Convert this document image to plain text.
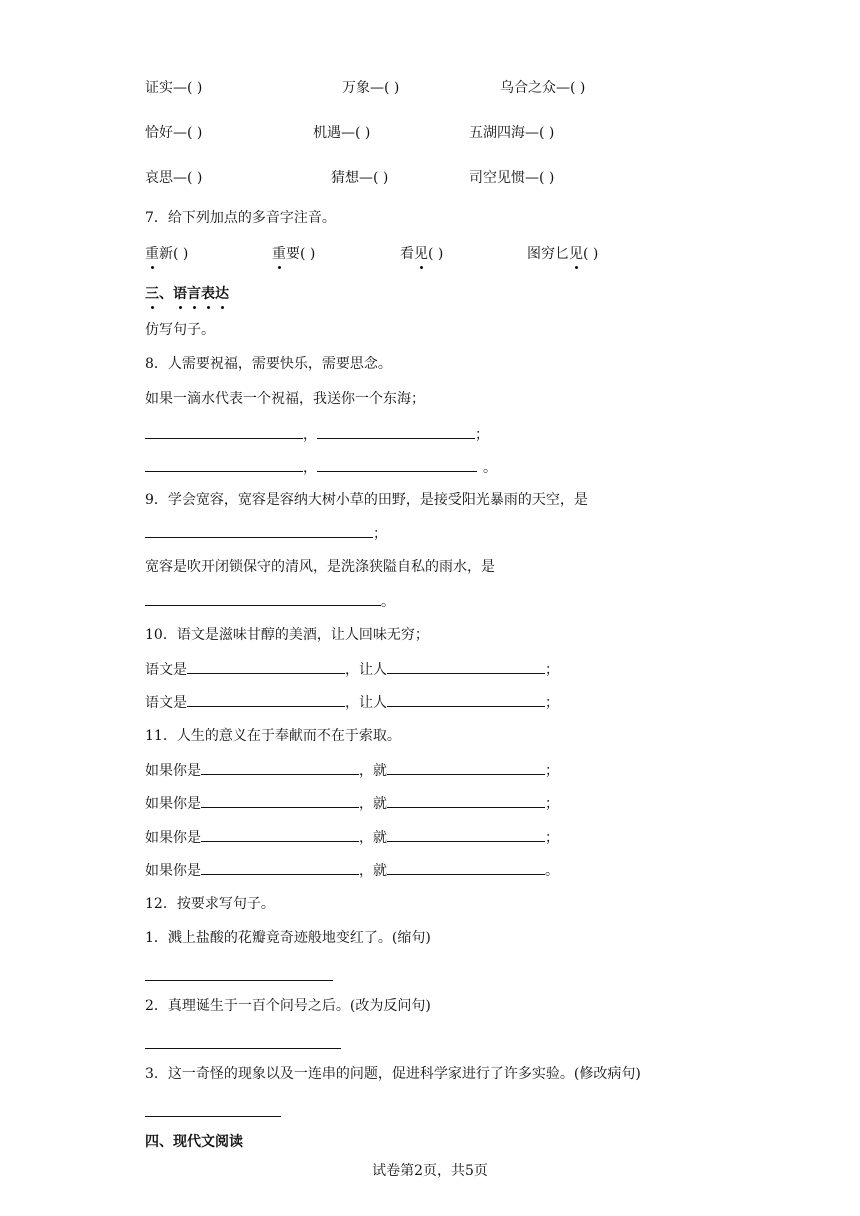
证实—( )	万象—( )	乌合之众—( )
恰好—( )	机遇—( )	五湖四海—( )
哀思—( )	猜想—( )	司空见惯—( )
7．给下列加点的多音字注音。
重新( )	重要( )	看见( )	图穷匕见( )
三、语言表达
仿写句子。
8．人需要祝福，需要快乐，需要思念。
如果一滴水代表一个祝福，我送你一个东海；
，	；
，	。
9．学会宽容，宽容是容纳大树小草的田野，是接受阳光暴雨的天空，是
；
宽容是吹开闭锁保守的清风，是洗涤狭隘自私的雨水，是
。
10．语文是滋味甘醇的美酒，让人回味无穷；
语文是	，让人	；
语文是	，让人	；
11．人生的意义在于奉献而不在于索取。
如果你是	，就	；
如果你是	，就	；
如果你是	，就	；
如果你是	，就	。
12．按要求写句子。
1．溅上盐酸的花瓣竟奇迹般地变红了。(缩句)
2．真理诞生于一百个问号之后。(改为反问句)
3．这一奇怪的现象以及一连串的问题，促进科学家进行了许多实验。(修改病句)
四、现代文阅读
试卷第2页，共5页
